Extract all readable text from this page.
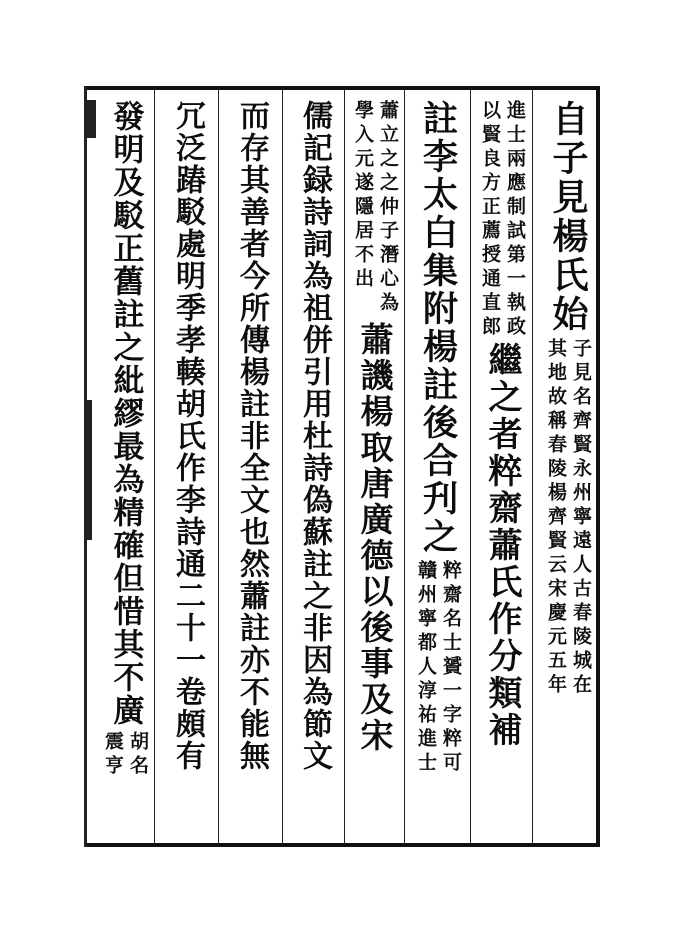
自子見楊氏始
子見名齊賢永州寧遠人古春陵城在
其地故稱春陵楊齊賢云宋慶元五年
進士兩應制試第一執政
以賢良方正薦授通直郎
繼之者粹齋蕭氏作分類補
註李太白集附楊註後合刋之
粹齋名士贇一字粹可
贛州寧都人淳祐進士
蕭立之之仲子潛心為
學入元遂隱居不出
蕭譏楊取唐廣德以後事及宋
儒記録詩詞為祖併引用杜詩偽蘇註之非因為節文
而存其善者今所傳楊註非全文也然蕭註亦不能無
冗泛踳駁處明季孝輳胡氏作李詩通二十一卷頗有
發明及駁正舊註之紕繆最為精確但惜其不廣
胡名
震亨
